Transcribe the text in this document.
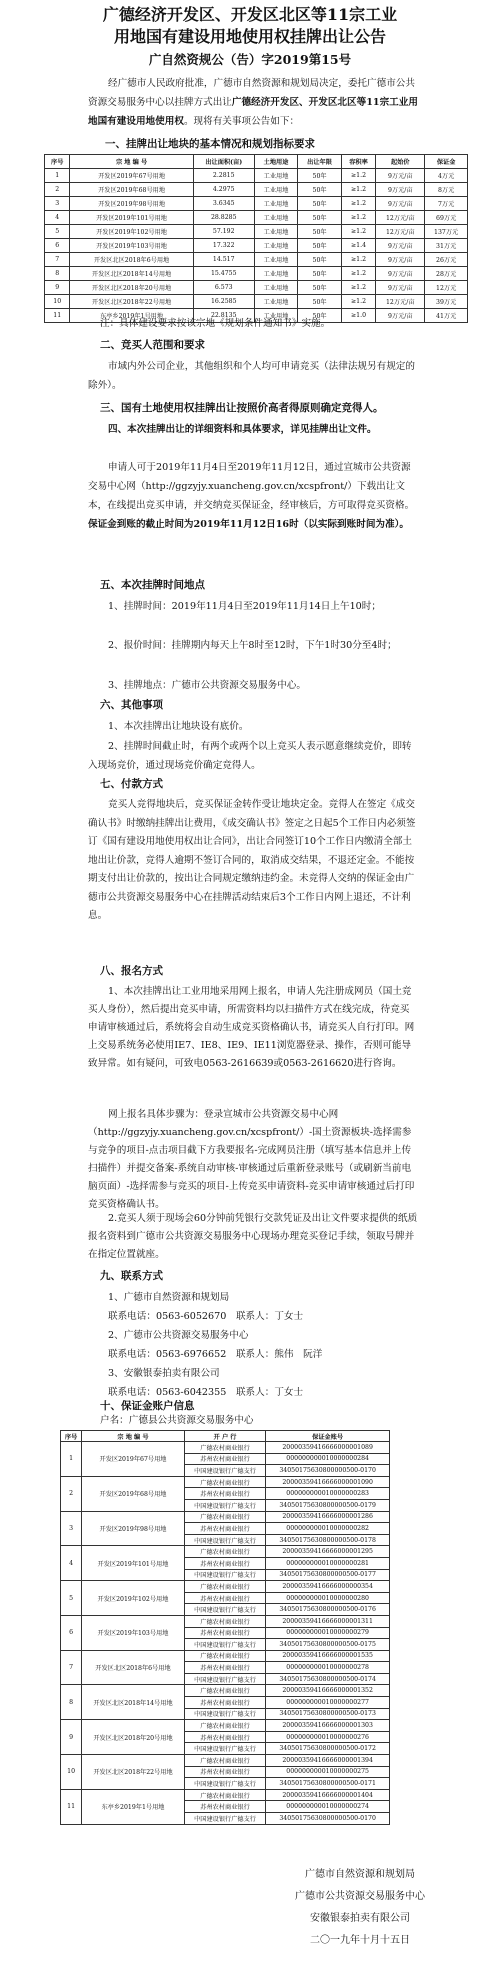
广德经济开发区、开发区北区等11宗工业
用地国有建设用地使用权挂牌出让公告
广自然资规公（告）字2019第15号
经广德市人民政府批准，广德市自然资源和规划局决定，委托广德市公共资源交易服务中心以挂牌方式出让广德经济开发区、开发区北区等11宗工业用地国有建设用地使用权。现将有关事项公告如下：
一、挂牌出让地块的基本情况和规划指标要求
序号	宗 地 编 号	出让面积(亩)	土地用途	出让年限	容积率	起始价	保证金
1	开发区2019年67号用地	2.2815	工业用地	50年	≥1.2	9万元/亩	4万元
2	开发区2019年68号用地	4.2975	工业用地	50年	≥1.2	9万元/亩	8万元
3	开发区2019年98号用地	3.6345	工业用地	50年	≥1.2	9万元/亩	7万元
4	开发区2019年101号用地	28.8285	工业用地	50年	≥1.2	12万元/亩	69万元
5	开发区2019年102号用地	57.192	工业用地	50年	≥1.2	12万元/亩	137万元
6	开发区2019年103号用地	17.322	工业用地	50年	≥1.4	9万元/亩	31万元
7	开发区北区2018年6号用地	14.517	工业用地	50年	≥1.2	9万元/亩	26万元
8	开发区北区2018年14号用地	15.4755	工业用地	50年	≥1.2	9万元/亩	28万元
9	开发区北区2018年20号用地	6.573	工业用地	50年	≥1.2	9万元/亩	12万元
10	开发区北区2018年22号用地	16.2585	工业用地	50年	≥1.2	12万元/亩	39万元
11	东亭乡2019年1号用地	22.8135	工业用地	50年	≥1.0	9万元/亩	41万元
注：具体建设要求按该宗地《规划条件通知书》实施。
二、竞买人范围和要求
市域内外公司企业，其他组织和个人均可申请竞买（法律法规另有规定的除外）。
三、国有土地使用权挂牌出让按照价高者得原则确定竞得人。
四、本次挂牌出让的详细资料和具体要求，详见挂牌出让文件。
申请人可于2019年11月4日至2019年11月12日，通过宣城市公共资源交易中心网（http://ggzyjy.xuancheng.gov.cn/xcspfront/）下载出让文本，在线提出竞买申请，并交纳竞买保证金，经审核后，方可取得竞买资格。保证金到账的截止时间为2019年11月12日16时（以实际到账时间为准）。
五、本次挂牌时间地点
1、挂牌时间：2019年11月4日至2019年11月14日上午10时；
2、报价时间：挂牌期内每天上午8时至12时，下午1时30分至4时；
3、挂牌地点：广德市公共资源交易服务中心。
六、其他事项
1、本次挂牌出让地块设有底价。
2、挂牌时间截止时，有两个或两个以上竞买人表示愿意继续竞价，即转入现场竞价，通过现场竞价确定竞得人。
七、付款方式
竞买人竞得地块后，竞买保证金转作受让地块定金。竞得人在签定《成交确认书》时缴纳挂牌出让费用，《成交确认书》签定之日起5个工作日内必须签订《国有建设用地使用权出让合同》，出让合同签订10个工作日内缴清全部土地出让价款，竞得人逾期不签订合同的，取消成交结果，不退还定金。不能按期支付出让价款的，按出让合同规定缴纳违约金。未竞得人交纳的保证金由广德市公共资源交易服务中心在挂牌活动结束后3个工作日内网上退还，不计利息。
八、报名方式
1、本次挂牌出让工业用地采用网上报名，申请人先注册成网员（国土竞买人身份），然后提出竞买申请，所需资料均以扫描件方式在线完成，待竞买申请审核通过后，系统将会自动生成竞买资格确认书，请竞买人自行打印。网上交易系统务必使用IE7、IE8、IE9、IE11浏览器登录、操作，否则可能导致异常。如有疑问，可致电0563-2616639或0563-2616620进行咨询。
网上报名具体步骤为：登录宣城市公共资源交易中心网（http://ggzyjy.xuancheng.gov.cn/xcspfront/）-国土资源板块-选择需参与竞争的项目-点击项目截下方我要报名-完成网员注册（填写基本信息并上传扫描件）并提交备案-系统自动审核-审核通过后重新登录账号（或刷新当前电脑页面）-选择需参与竞买的项目-上传竞买申请资料-竞买申请审核通过后打印竞买资格确认书。
2.竞买人须于现场会60分钟前凭银行交款凭证及出让文件要求提供的纸质报名资料到广德市公共资源交易服务中心现场办理竞买登记手续，领取号牌并在指定位置就座。
九、联系方式
1、广德市自然资源和规划局
联系电话：0563-6052670　联系人：丁女士
2、广德市公共资源交易服务中心
联系电话：0563-6976652　联系人：熊伟　阮洋
3、安徽银泰拍卖有限公司
联系电话：0563-6042355　联系人：丁女士
十、保证金账户信息
户名：广德县公共资源交易服务中心
序号	宗 地 编 号	开 户 行	保证金账号
1	开发区2019年67号用地	广德农村商业银行	20000359416666000001089
		苏州农村商业银行	000000000010000000284
		中国建设银行广德支行	34050175630800000500-0170
2	开发区2019年68号用地	广德农村商业银行	20000359416666000001090
		苏州农村商业银行	000000000010000000283
		中国建设银行广德支行	34050175630800000500-0179
3	开发区2019年98号用地	广德农村商业银行	20000359416666000001286
		苏州农村商业银行	000000000010000000282
		中国建设银行广德支行	34050175630800000500-0178
4	开发区2019年101号用地	广德农村商业银行	20000359416666000001295
		苏州农村商业银行	000000000010000000281
		中国建设银行广德支行	34050175630800000500-0177
5	开发区2019年102号用地	广德农村商业银行	20000359416666000000354
		苏州农村商业银行	000000000010000000280
		中国建设银行广德支行	34050175630800000500-0176
6	开发区2019年103号用地	广德农村商业银行	20000359416666000001311
		苏州农村商业银行	000000000010000000279
		中国建设银行广德支行	34050175630800000500-0175
7	开发区北区2018年6号用地	广德农村商业银行	20000359416666000001535
		苏州农村商业银行	000000000010000000278
		中国建设银行广德支行	34050175630800000500-0174
8	开发区北区2018年14号用地	广德农村商业银行	20000359416666000001352
		苏州农村商业银行	000000000010000000277
		中国建设银行广德支行	34050175630800000500-0173
9	开发区北区2018年20号用地	广德农村商业银行	20000359416666000001303
		苏州农村商业银行	000000000010000000276
		中国建设银行广德支行	34050175630800000500-0172
10	开发区北区2018年22号用地	广德农村商业银行	20000359416666000001394
		苏州农村商业银行	000000000010000000275
		中国建设银行广德支行	34050175630800000500-0171
11	东亭乡2019年1号用地	广德农村商业银行	20000359416666000001404
		苏州农村商业银行	000000000010000000274
		中国建设银行广德支行	34050175630800000500-0170
广德市自然资源和规划局
广德市公共资源交易服务中心
安徽银泰拍卖有限公司
二〇一九年十月十五日
